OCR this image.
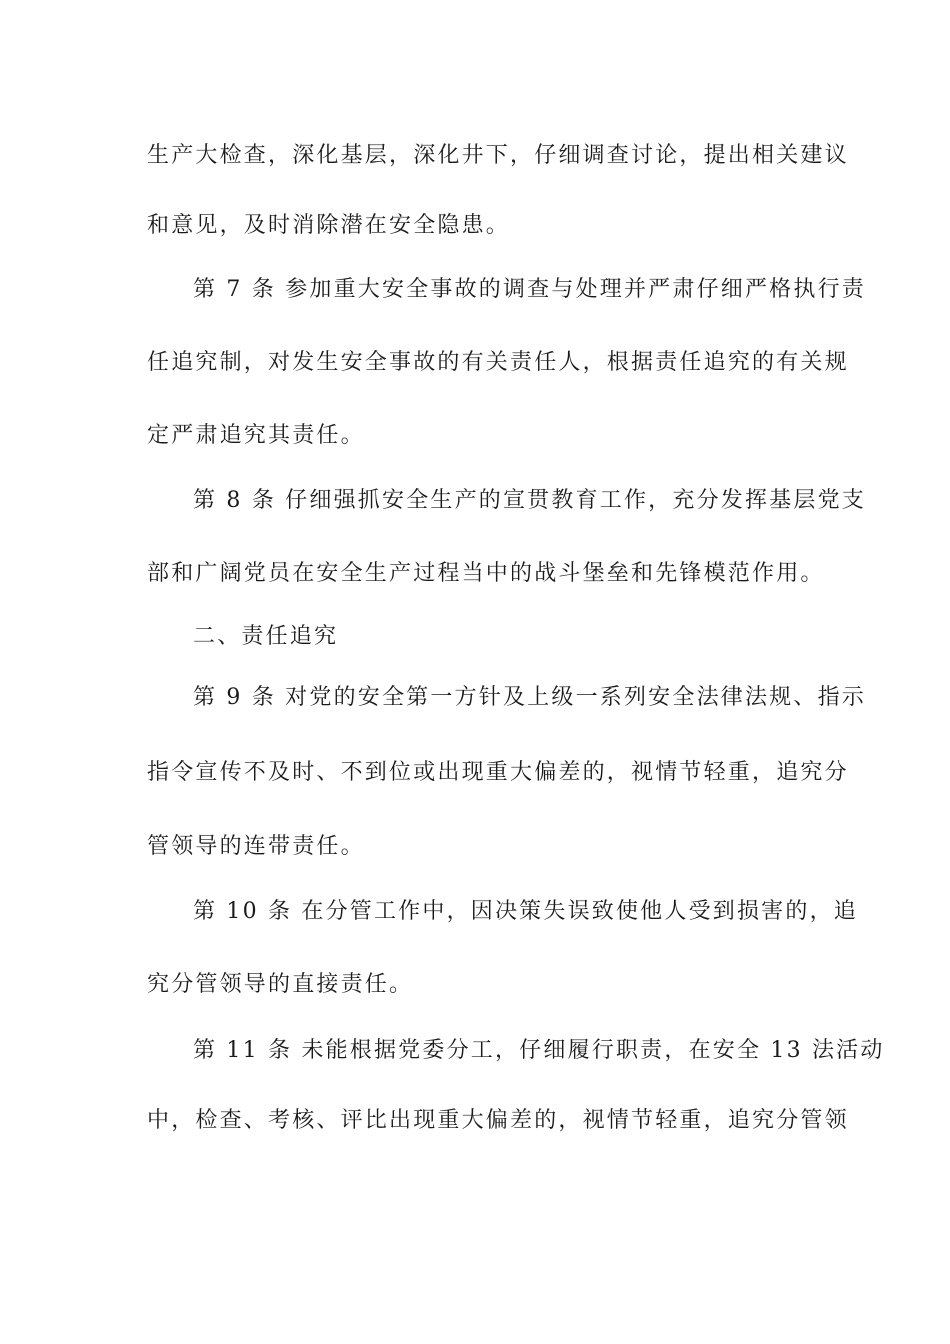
生产大检查，深化基层，深化井下，仔细调查讨论，提出相关建议
和意见，及时消除潜在安全隐患。
第 7 条 参加重大安全事故的调查与处理并严肃仔细严格执行责
任追究制，对发生安全事故的有关责任人，根据责任追究的有关规
定严肃追究其责任。
第 8 条 仔细强抓安全生产的宣贯教育工作，充分发挥基层党支
部和广阔党员在安全生产过程当中的战斗堡垒和先锋模范作用。
二、责任追究
第 9 条 对党的安全第一方针及上级一系列安全法律法规、指示
指令宣传不及时、不到位或出现重大偏差的，视情节轻重，追究分
管领导的连带责任。
第 10 条 在分管工作中，因决策失误致使他人受到损害的，追
究分管领导的直接责任。
第 11 条 未能根据党委分工，仔细履行职责，在安全 13 法活动
中，检查、考核、评比出现重大偏差的，视情节轻重，追究分管领
